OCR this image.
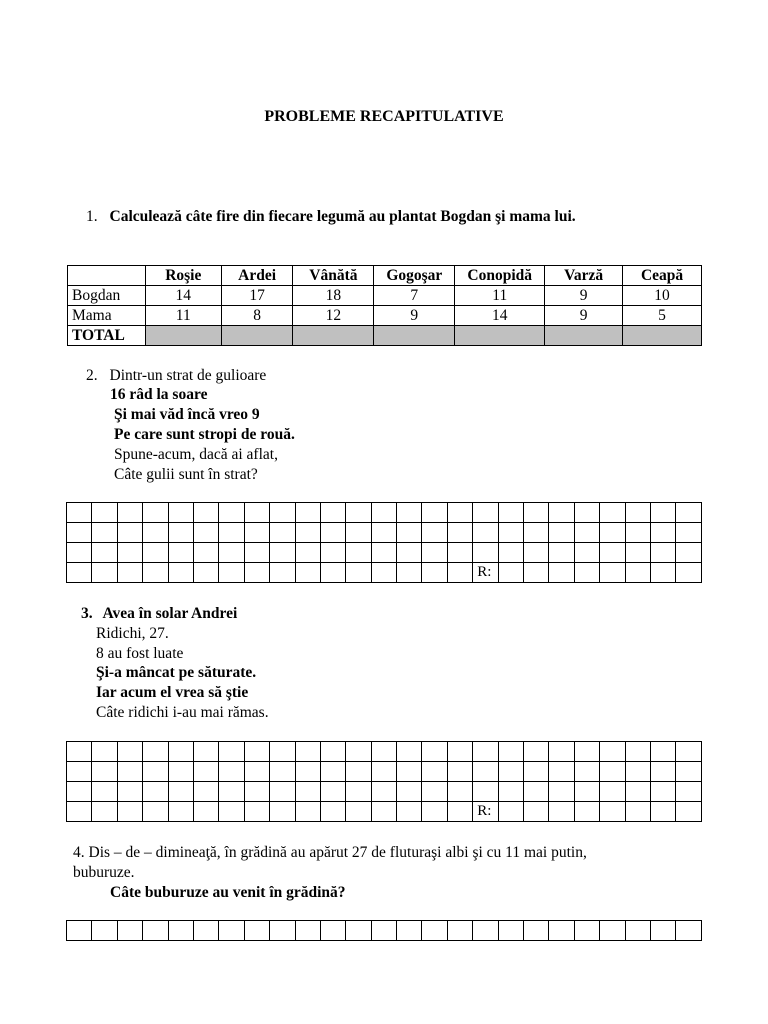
PROBLEME RECAPITULATIVE
1. Calculează câte fire din fiecare legumă au plantat Bogdan şi mama lui.
	Roşie	Ardei	Vânătă	Gogoşar	Conopidă	Varză	Ceapă
Bogdan	14	17	18	7	11	9	10
Mama	11	8	12	9	14	9	5
TOTAL							
2. Dintr-un strat de gulioare
16 râd la soare
Şi mai văd încă vreo 9
Pe care sunt stropi de rouă.
Spune-acum, dacă ai aflat,
Câte gulii sunt în strat?

																R:								
3. Avea în solar Andrei
Ridichi, 27.
8 au fost luate
Şi-a mâncat pe săturate.
Iar acum el vrea să ştie
Câte ridichi i-au mai rămas.

																R:								
4. Dis – de – dimineaţă, în grădină au apărut 27 de fluturaşi albi şi cu 11 mai putin,
buburuze.
Câte buburuze au venit în grădină?
